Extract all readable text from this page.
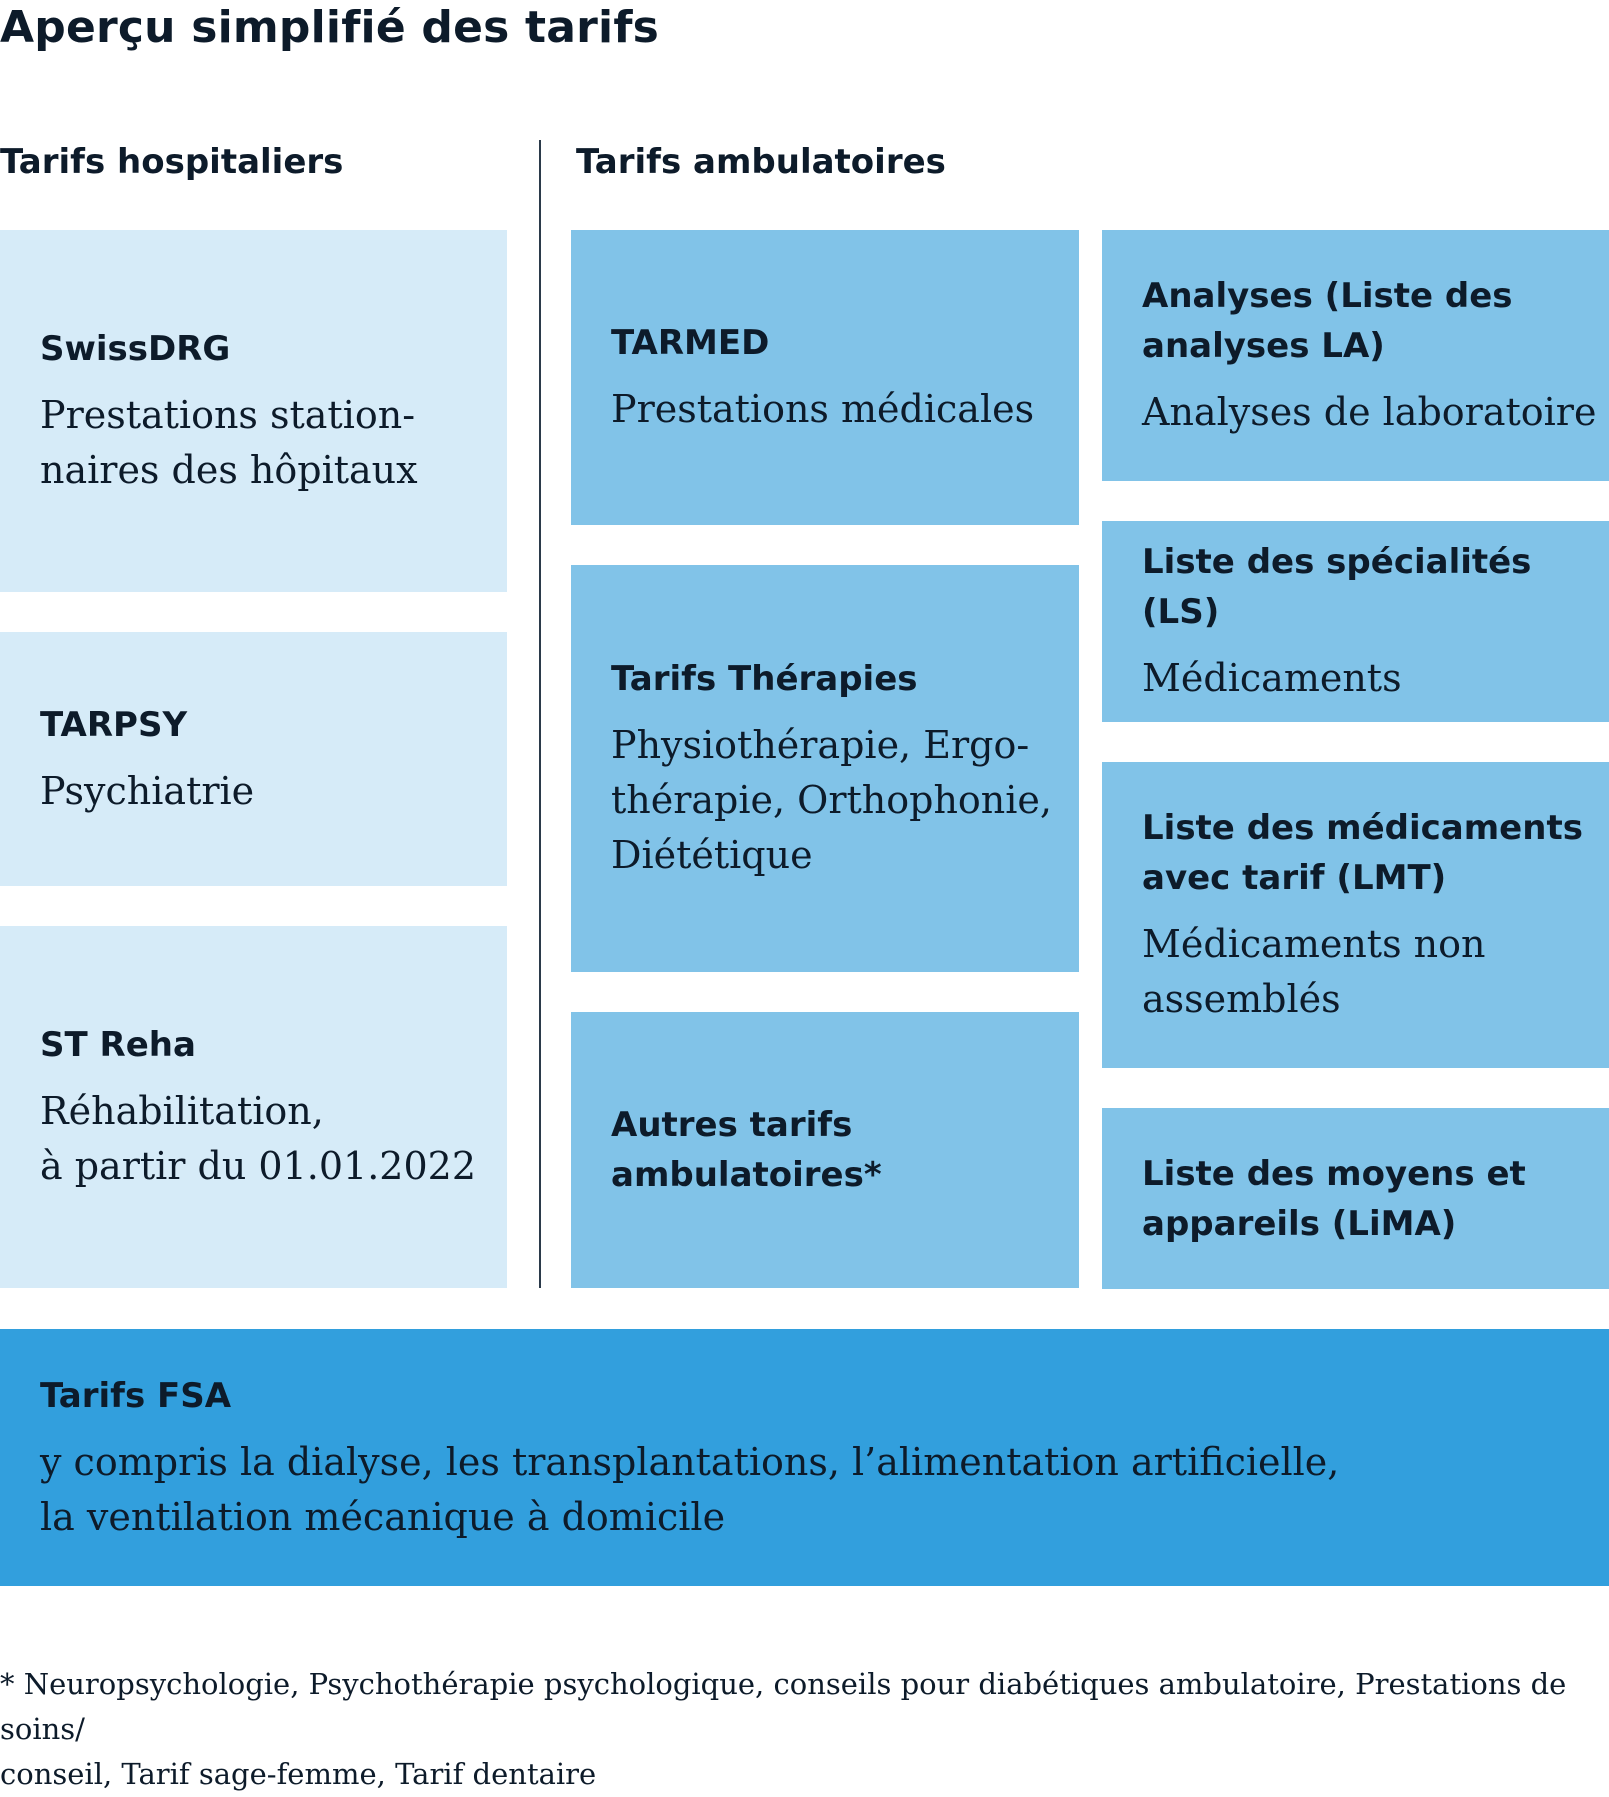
Aperçu simplifié des tarifs
Tarifs hospitaliers	Tarifs ambulatoires
SwissDRG
Prestations station-
naires des hôpitaux
TARPSY
Psychiatrie
ST Reha
Réhabilitation,
à partir du 01.01.2022
TARMED
Prestations médicales
Tarifs Thérapies
Physiothérapie, Ergo-
thérapie, Orthophonie,
Diététique
Autres tarifs
ambulatoires*
Analyses (Liste des
analyses LA)
Analyses de laboratoire
Liste des spécialités (LS)
Médicaments
Liste des médicaments
avec tarif (LMT)
Médicaments non
assemblés
Liste des moyens et
appareils (LiMA)
Tarifs FSA
y compris la dialyse, les transplantations, l’alimentation artificielle,
la ventilation mécanique à domicile
* Neuropsychologie, Psychothérapie psychologique, conseils pour diabétiques ambulatoire, Prestations de soins/
conseil, Tarif sage-femme, Tarif dentaire
